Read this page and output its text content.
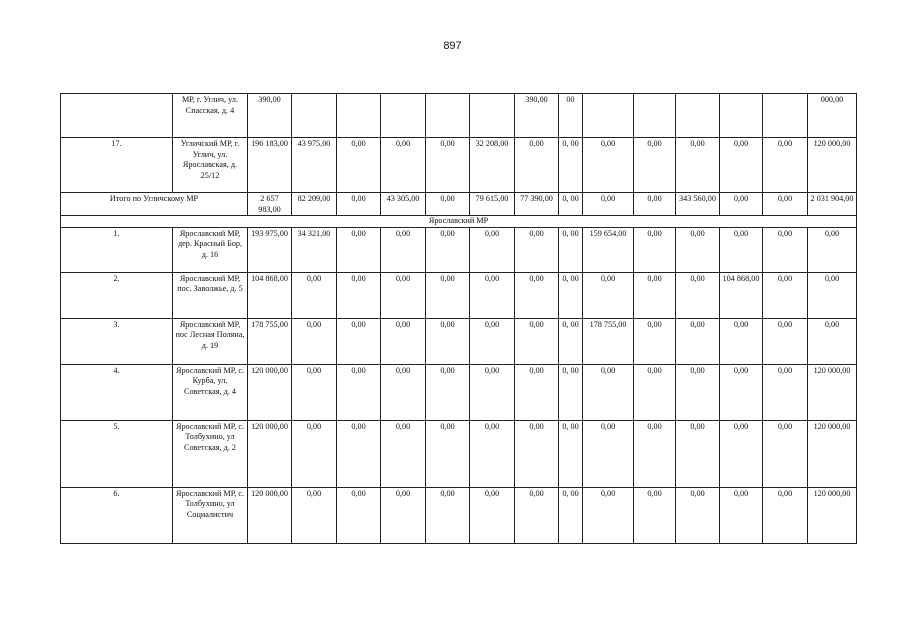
897
	МР, г. Углич, ул. Спасская, д. 4	390,00						390,00	00						000,00
17.	Угличский МР, г. Углич, ул. Ярославская, д. 25/12	196 183,00	43 975,00	0,00	0,00	0,00	32 208,00	0,00	0, 00	0,00	0,00	0,00	0,00	0,00	120 000,00
Итого по Угличскому МР		2 657 983,00	82 209,00	0,00	43 305,00	0,00	79 615,00	77 390,00	0, 00	0,00	0,00	343 560,00	0,00	0,00	2 031 904,00
Ярославский МР															
1.	Ярославский МР, дер. Красный Бор, д. 16	193 975,00	34 321,00	0,00	0,00	0,00	0,00	0,00	0, 00	159 654,00	0,00	0,00	0,00	0,00	0,00
2.	Ярославский МР, пос. Заволжье, д. 5	104 868,00	0,00	0,00	0,00	0,00	0,00	0,00	0, 00	0,00	0,00	0,00	104 868,00	0,00	0,00
3.	Ярославский МР, пос Лесная Поляна, д. 19	178 755,00	0,00	0,00	0,00	0,00	0,00	0,00	0, 00	178 755,00	0,00	0,00	0,00	0,00	0,00
4.	Ярославский МР, с. Курба, ул. Советская, д. 4	120 000,00	0,00	0,00	0,00	0,00	0,00	0,00	0, 00	0,00	0,00	0,00	0,00	0,00	120 000,00
5.	Ярославский МР, с. Толбухино, ул Советская, д. 2	120 000,00	0,00	0,00	0,00	0,00	0,00	0,00	0, 00	0,00	0,00	0,00	0,00	0,00	120 000,00
6.	Ярославский МР, с. Толбухино, ул Социалистич	120 000,00	0,00	0,00	0,00	0,00	0,00	0,00	0, 00	0,00	0,00	0,00	0,00	0,00	120 000,00
